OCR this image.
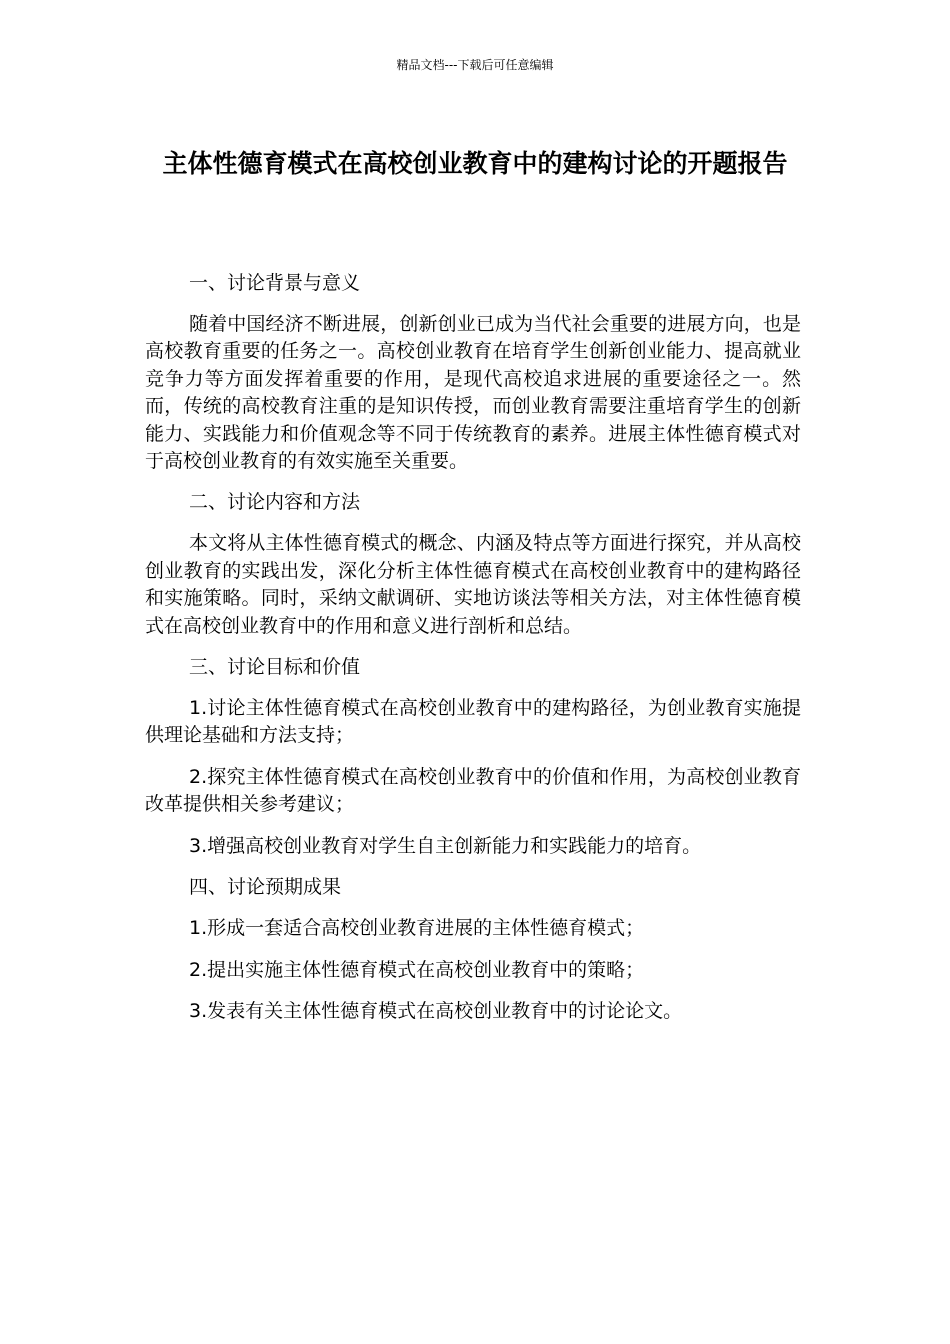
精品文档---下载后可任意编辑
主体性德育模式在高校创业教育中的建构讨论的开题报告

一、讨论背景与意义

随着中国经济不断进展，创新创业已成为当代社会重要的进展方向，也是高校教育重要的任务之一。高校创业教育在培育学生创新创业能力、提高就业竞争力等方面发挥着重要的作用，是现代高校追求进展的重要途径之一。然而，传统的高校教育注重的是知识传授，而创业教育需要注重培育学生的创新能力、实践能力和价值观念等不同于传统教育的素养。进展主体性德育模式对于高校创业教育的有效实施至关重要。

二、讨论内容和方法

本文将从主体性德育模式的概念、内涵及特点等方面进行探究，并从高校创业教育的实践出发，深化分析主体性德育模式在高校创业教育中的建构路径和实施策略。同时，采纳文献调研、实地访谈法等相关方法，对主体性德育模式在高校创业教育中的作用和意义进行剖析和总结。

三、讨论目标和价值

1.讨论主体性德育模式在高校创业教育中的建构路径，为创业教育实施提供理论基础和方法支持；

2.探究主体性德育模式在高校创业教育中的价值和作用，为高校创业教育改革提供相关参考建议；

3.增强高校创业教育对学生自主创新能力和实践能力的培育。

四、讨论预期成果

1.形成一套适合高校创业教育进展的主体性德育模式；

2.提出实施主体性德育模式在高校创业教育中的策略；

3.发表有关主体性德育模式在高校创业教育中的讨论论文。
